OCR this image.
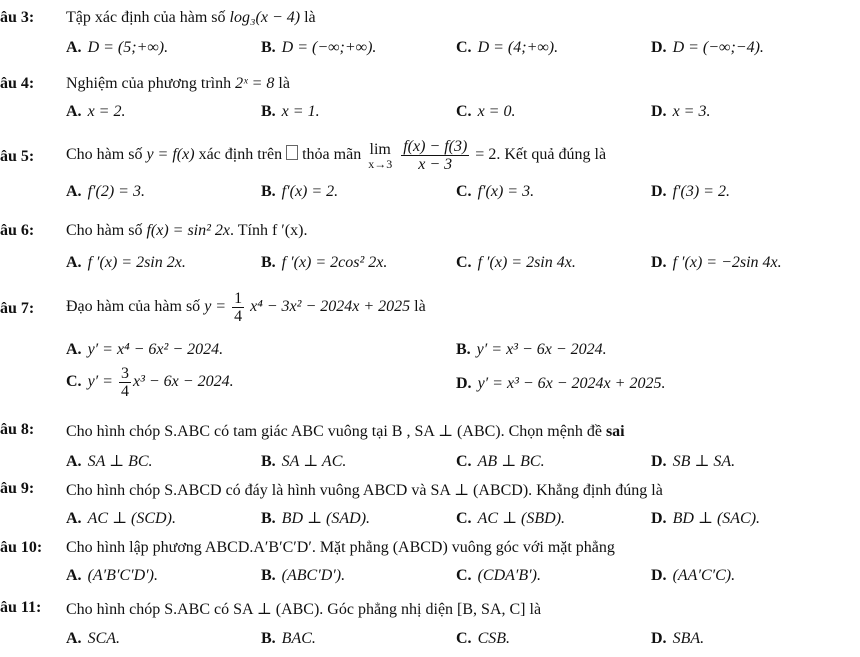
âu 3: Tập xác định của hàm số log₃(x − 4) là
A. D = (5;+∞).	B. D = (−∞;+∞).	C. D = (4;+∞).	D. D = (−∞;−4).
âu 4: Nghiệm của phương trình 2ˣ = 8 là
A. x = 2.	B. x = 1.	C. x = 0.	D. x = 3.
âu 5: Cho hàm số y = f(x) xác định trên thỏa mãn lim
x→3
$\frac{f(x) - f(3)}{x - 3} = 2$. Kết quả đúng là
A. f′(2) = 3.	B. f′(x) = 2.	C. f′(x) = 3.	D. f′(3) = 2.
âu 6: Cho hàm số f(x) = sin² 2x. Tính f ′(x).
A. f ′(x) = 2sin 2x.	B. f ′(x) = 2cos² 2x.	C. f ′(x) = 2sin 4x.	D. f ′(x) = −2sin 4x.
âu 7: Đạo hàm của hàm số $y = \frac{1}{4} x^4 - 3x^2 - 2024x + 2025$ là
A. y′ = x⁴ − 6x² − 2024.	B. y′ = x³ − 6x − 2024.
C. $y' = \frac{3}{4} x^3 - 6x - 2024$.	D. y′ = x³ − 6x − 2024x + 2025.
âu 8: Cho hình chóp S.ABC có tam giác ABC vuông tại B , SA ⊥ (ABC). Chọn mệnh đề sai
A. SA ⊥ BC.	B. SA ⊥ AC.	C. AB ⊥ BC.	D. SB ⊥ SA.
âu 9: Cho hình chóp S.ABCD có đáy là hình vuông ABCD và SA ⊥ (ABCD). Khẳng định đúng là
A. AC ⊥ (SCD).	B. BD ⊥ (SAD).	C. AC ⊥ (SBD).	D. BD ⊥ (SAC).
âu 10: Cho hình lập phương ABCD.A′B′C′D′. Mặt phẳng (ABCD) vuông góc với mặt phẳng
A. (A′B′C′D′).	B. (ABC′D′).	C. (CDA′B′).	D. (AA′C′C).
âu 11: Cho hình chóp S.ABC có SA ⊥ (ABC). Góc phẳng nhị diện [B, SA, C] là
A. SCA.	B. BAC.	C. CSB.	D. SBA.
